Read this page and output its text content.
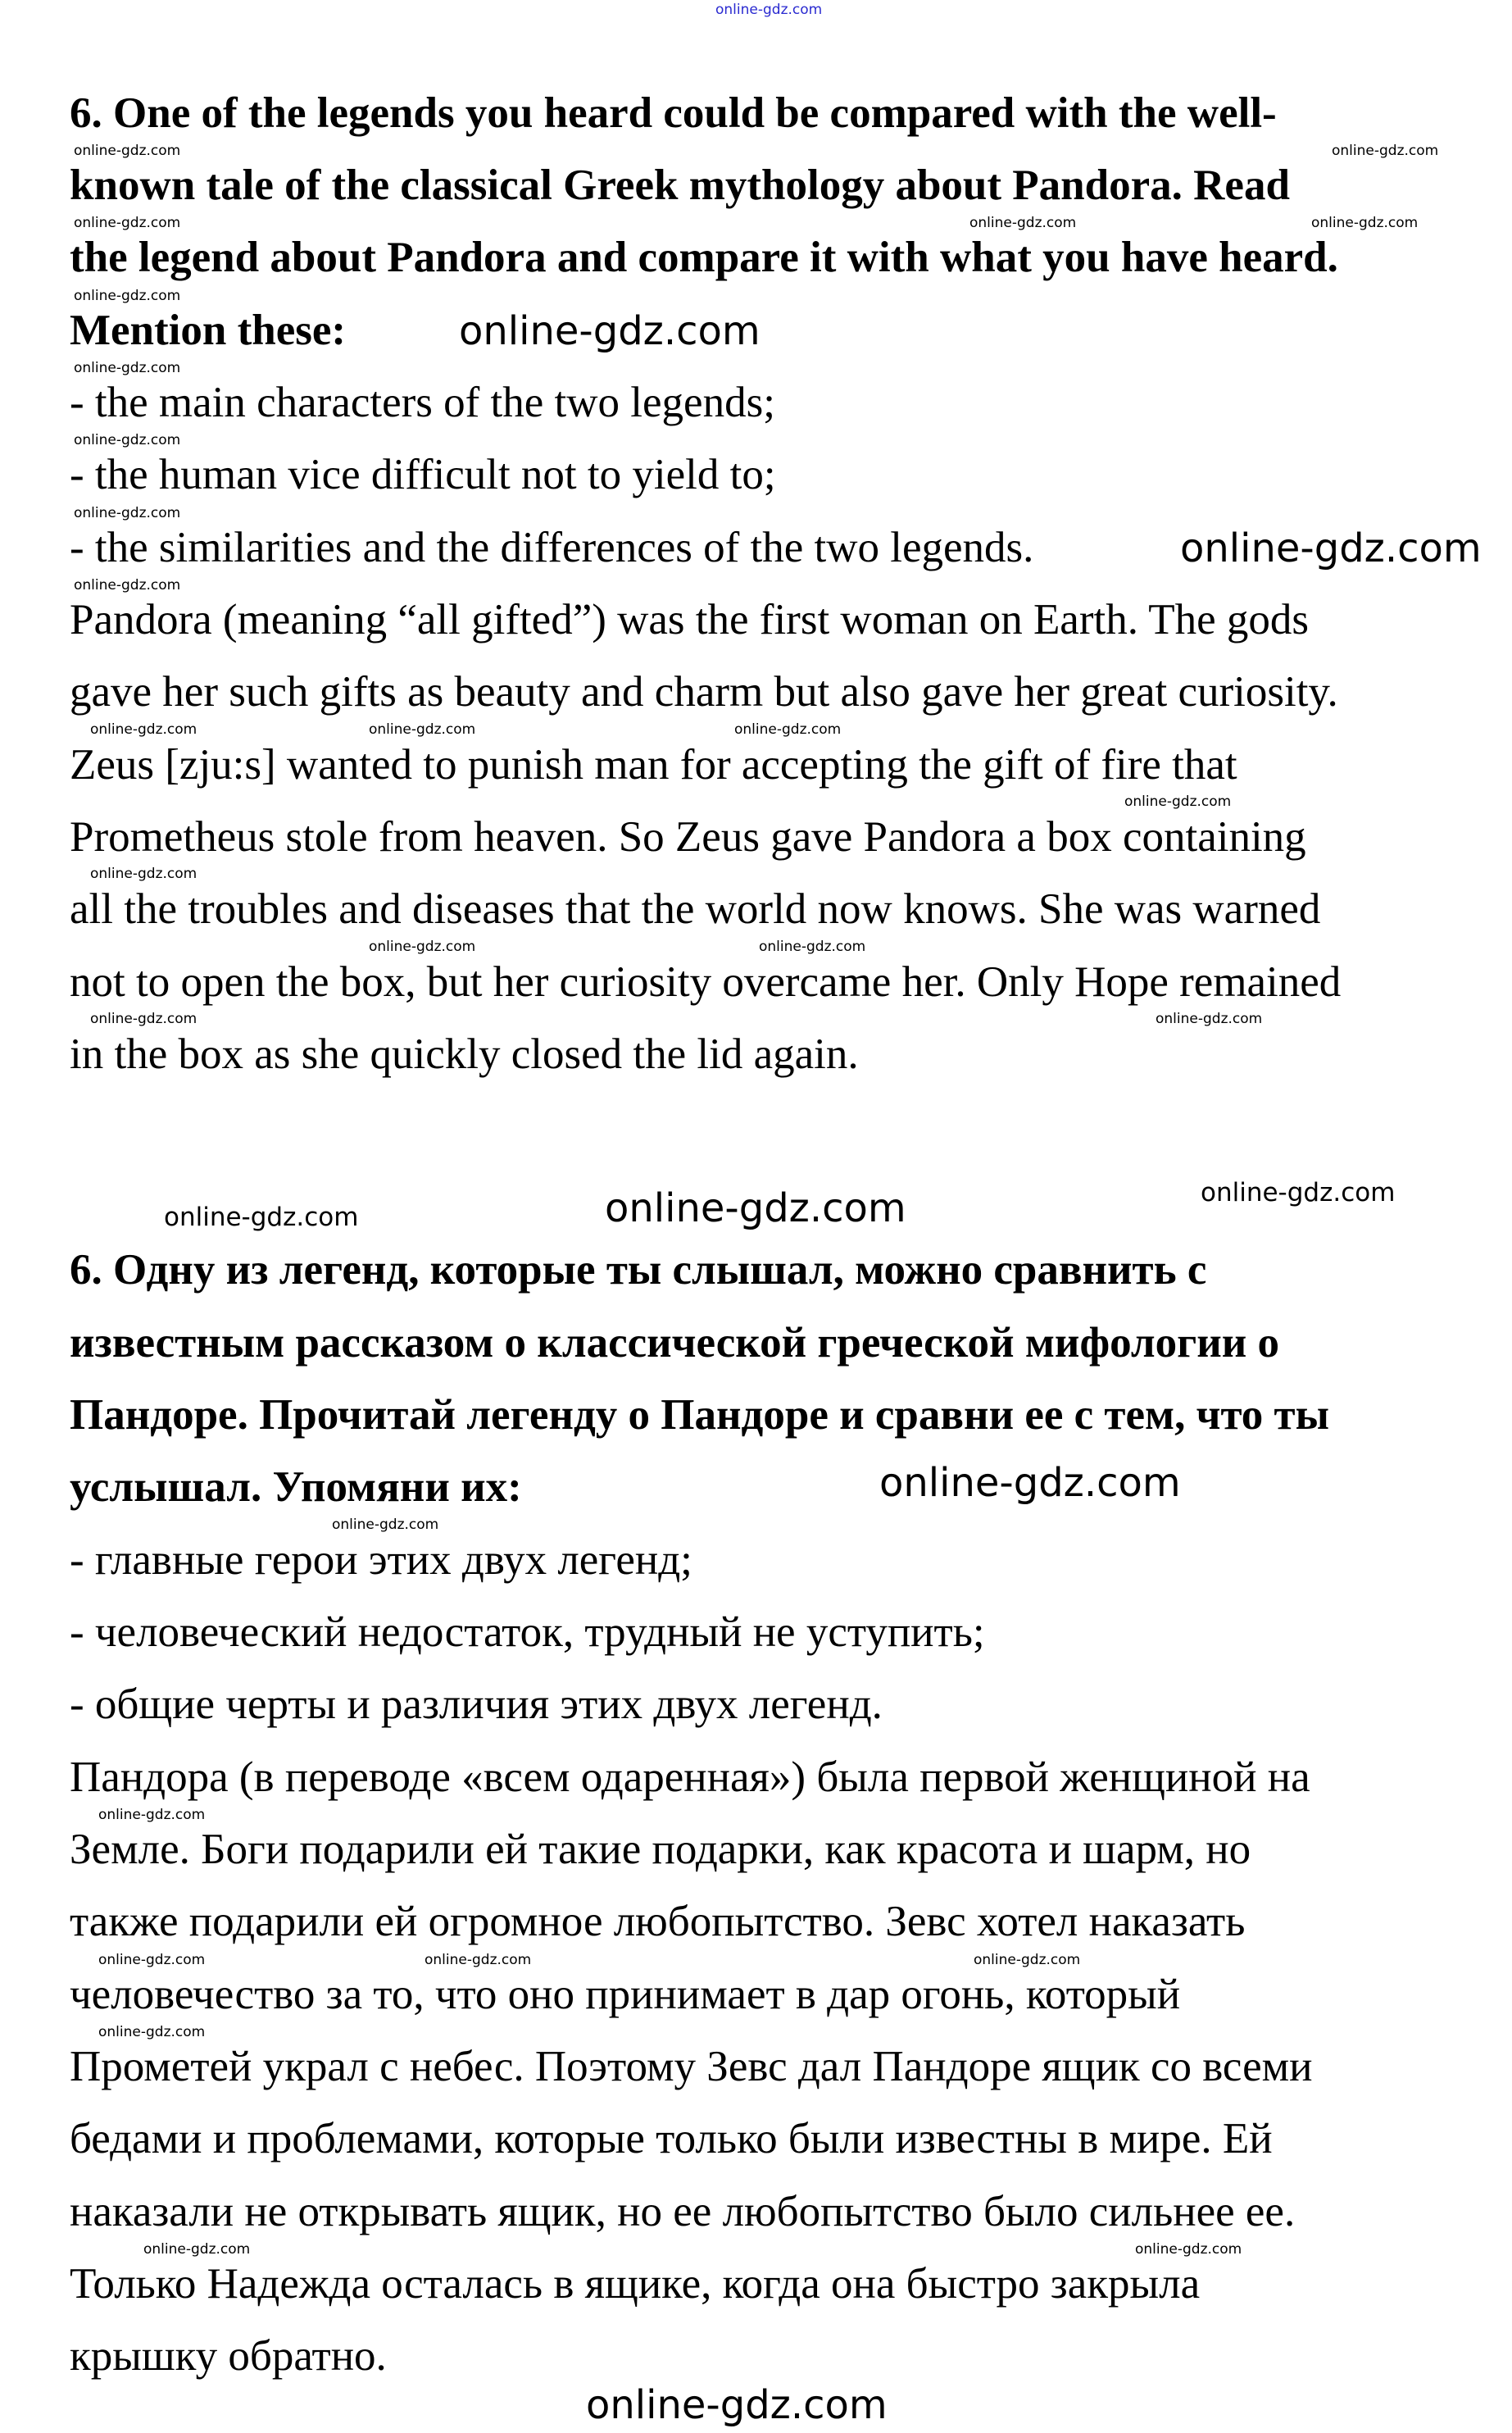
online-gdz.com
6. One of the legends you heard could be compared with the well-
known tale of the classical Greek mythology about Pandora. Read
the legend about Pandora and compare it with what you have heard.
Mention these:
- the main characters of the two legends;
- the human vice difficult not to yield to;
- the similarities and the differences of the two legends.
Pandora (meaning “all gifted”) was the first woman on Earth. The gods
gave her such gifts as beauty and charm but also gave her great curiosity.
Zeus [zju:s] wanted to punish man for accepting the gift of fire that
Prometheus stole from heaven. So Zeus gave Pandora a box containing
all the troubles and diseases that the world now knows. She was warned
not to open the box, but her curiosity overcame her. Only Hope remained
in the box as she quickly closed the lid again.
6. Одну из легенд, которые ты слышал, можно сравнить с
известным рассказом о классической греческой мифологии о
Пандоре. Прочитай легенду о Пандоре и сравни ее с тем, что ты
услышал. Упомяни их:
- главные герои этих двух легенд;
- человеческий недостаток, трудный не уступить;
- общие черты и различия этих двух легенд.
Пандора (в переводе «всем одаренная») была первой женщиной на
Земле. Боги подарили ей такие подарки, как красота и шарм, но
также подарили ей огромное любопытство. Зевс хотел наказать
человечество за то, что оно принимает в дар огонь, который
Прометей украл с небес. Поэтому Зевс дал Пандоре ящик со всеми
бедами и проблемами, которые только были известны в мире. Ей
наказали не открывать ящик, но ее любопытство было сильнее ее.
Только Надежда осталась в ящике, когда она быстро закрыла
крышку обратно.
online-gdz.com	online-gdz.com
online-gdz.com
online-gdz.com	online-gdz.com
online-gdz.com
online-gdz.com
online-gdz.com
online-gdz.com
online-gdz.com
online-gdz.com
online-gdz.com
online-gdz.com	online-gdz.com	online-gdz.com
online-gdz.com
online-gdz.com
online-gdz.com	online-gdz.com
online-gdz.com	online-gdz.com
online-gdz.com
online-gdz.com	online-gdz.com
online-gdz.com
online-gdz.com
online-gdz.com
online-gdz.com	online-gdz.com	online-gdz.com
online-gdz.com
online-gdz.com	online-gdz.com
online-gdz.com
